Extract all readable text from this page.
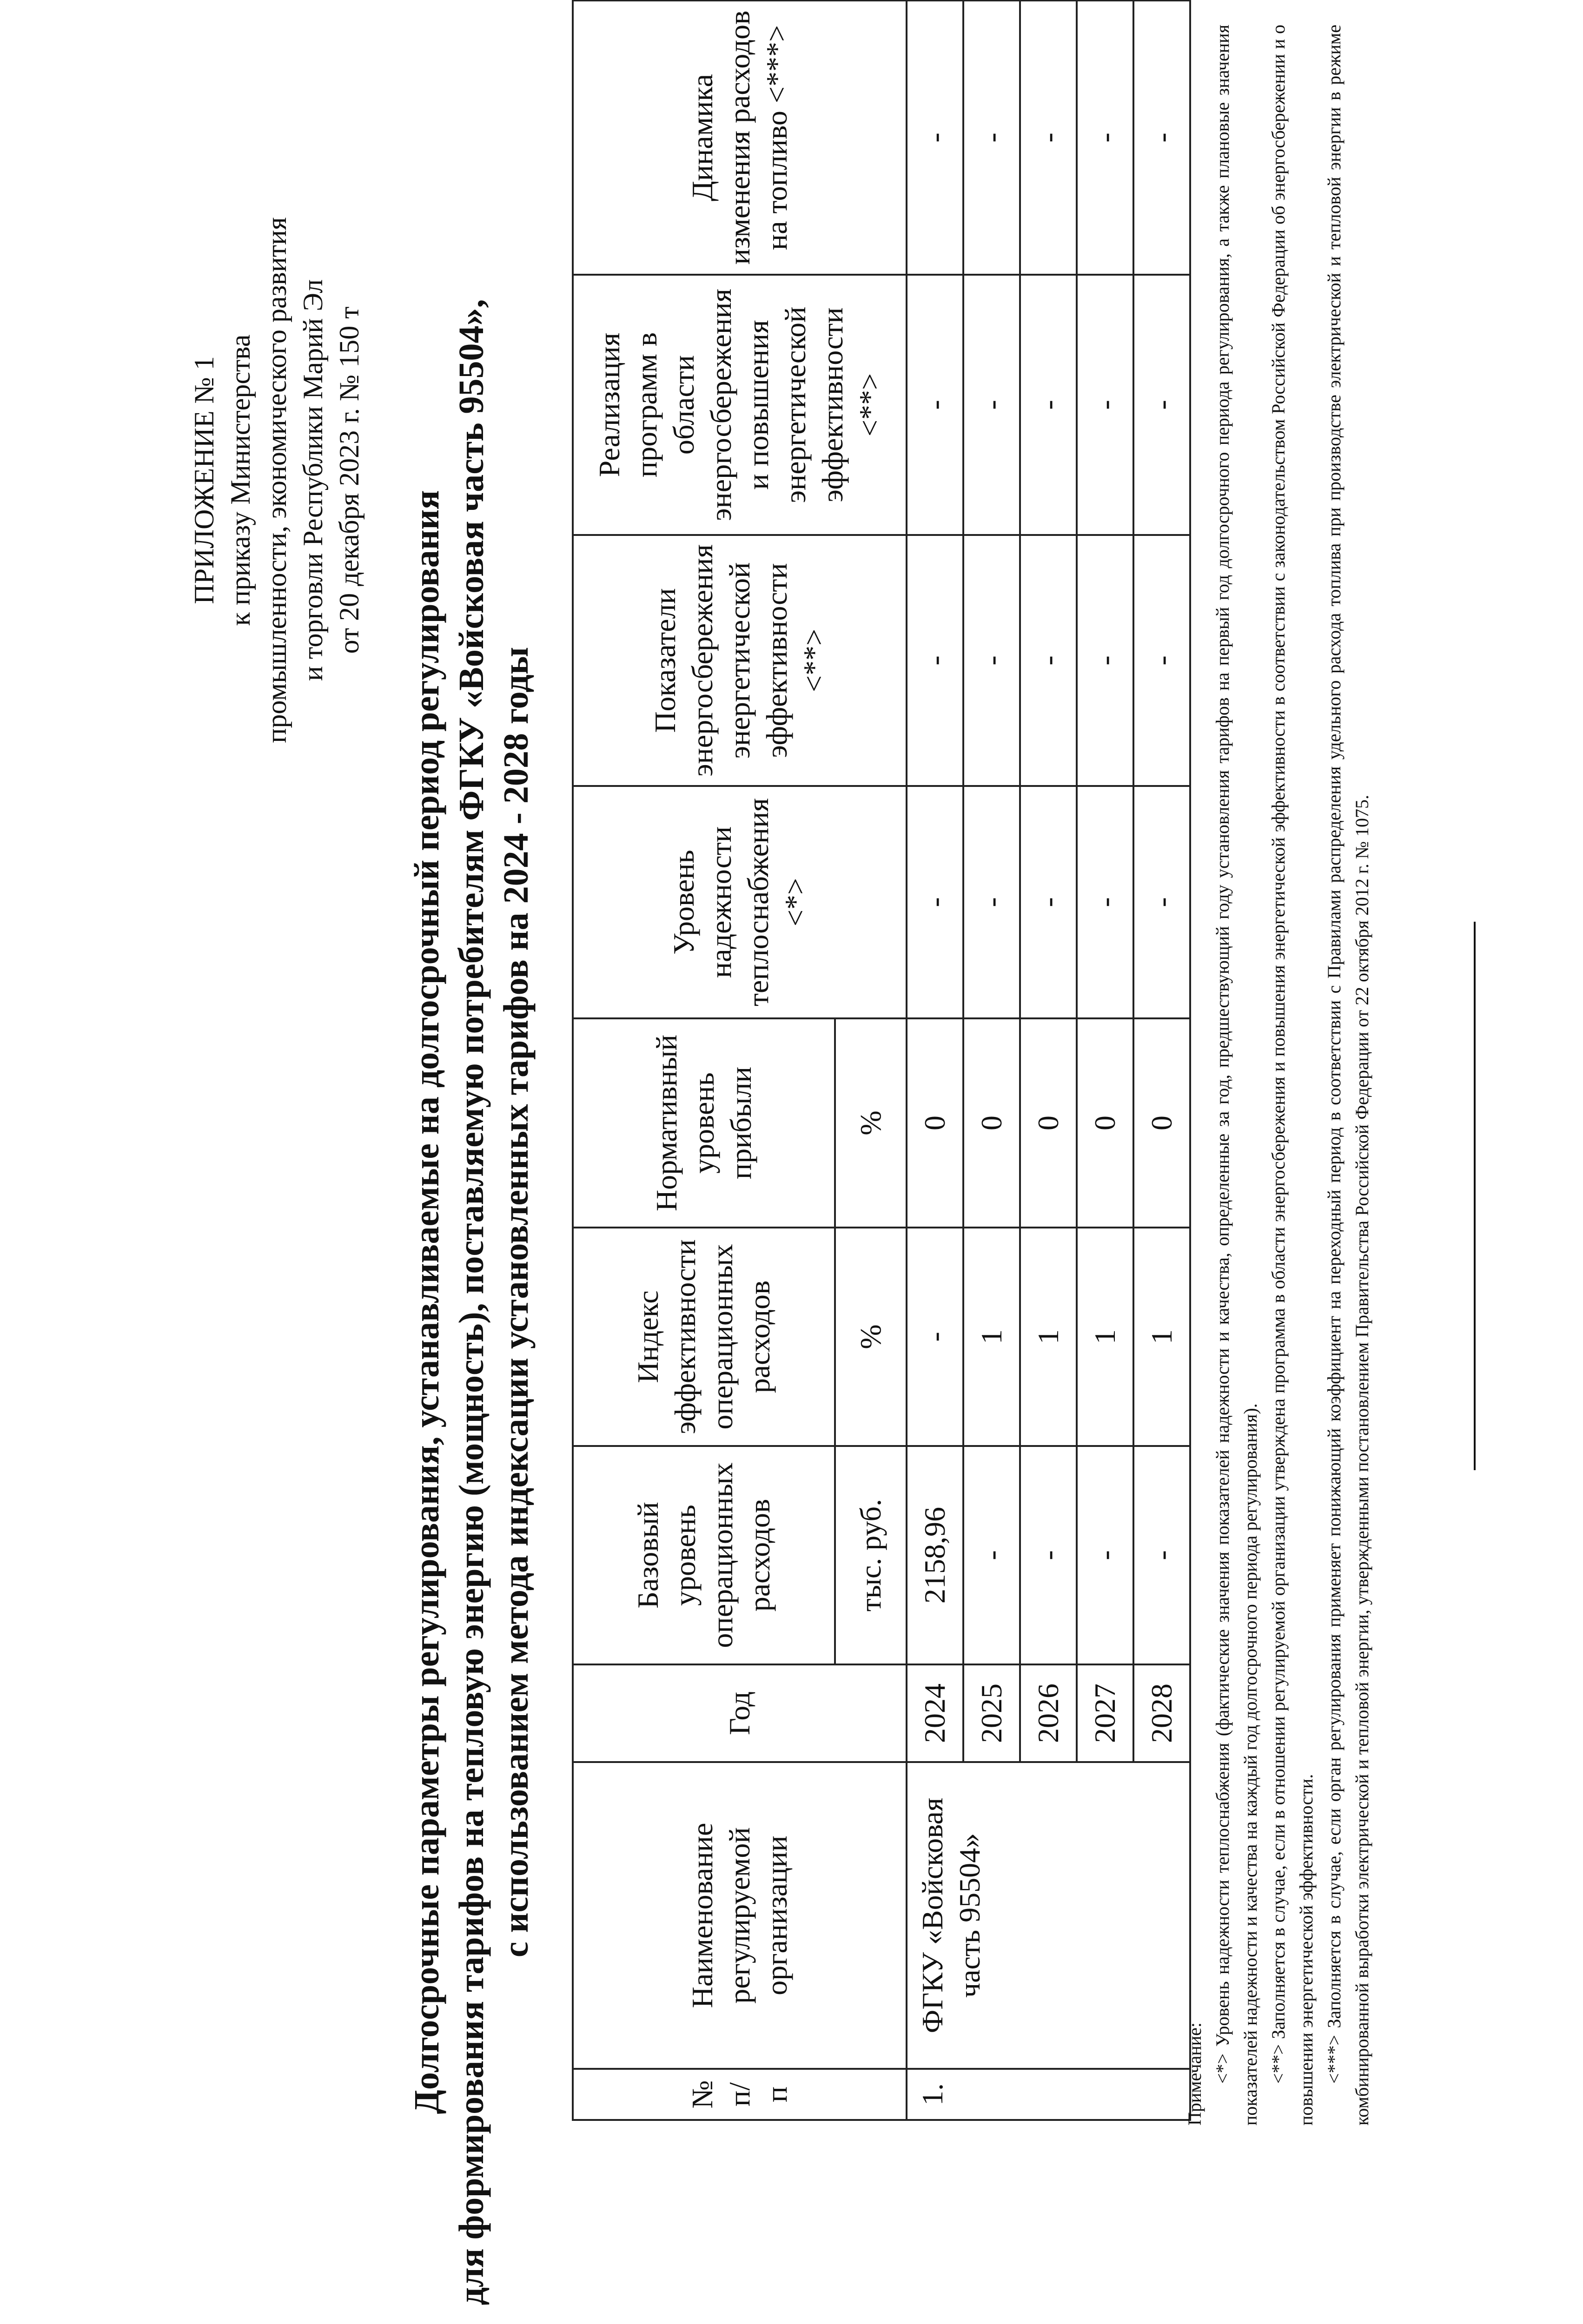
ПРИЛОЖЕНИЕ № 1 к приказу Министерства промышленности, экономического развития и торговли Республики Марий Эл от 20 декабря 2023 г. № 150 т
Долгосрочные параметры регулирования, устанавливаемые на долгосрочный период регулирования для формирования тарифов на тепловую энергию (мощность), поставляемую потребителям ФГКУ «Войсковая часть 95504», с использованием метода индексации установленных тарифов на 2024 - 2028 годы
№ п/п	Наименование регулируемой организации	Год	Базовый уровень операционных расходов	Индекс эффективности операционных расходов	Нормативный уровень прибыли	Уровень надежности теплоснабжения <*>	Показатели энергосбережения энергетической эффективности <**>	Реализация программ в области энергосбережения и повышения энергетической эффективности <**>	Динамика изменения расходов на топливо <***>
			тыс. руб.	%	%				
1.	ФГКУ «Войсковая часть 95504»	2024	2158,96	-	0	-	-	-	-
		2025	-	1	0	-	-	-	-
		2026	-	1	0	-	-	-	-
		2027	-	1	0	-	-	-	-
		2028	-	1	0	-	-	-	-

Примечание: <*> Уровень надежности теплоснабжения (фактические значения показателей надежности и качества, определенные за год, предшествующий году установления тарифов на первый год долгосрочного периода регулирования, а также плановые значения показателей надежности и качества на каждый год долгосрочного периода регулирования). <**> Заполняется в случае, если в отношении регулируемой организации утверждена программа в области энергосбережения и повышения энергетической эффективности в соответствии с законодательством Российской Федерации об энергосбережении и о повышении энергетической эффективности. <***> Заполняется в случае, если орган регулирования применяет понижающий коэффициент на переходный период в соответствии с Правилами распределения удельного расхода топлива при производстве электрической и тепловой энергии в режиме комбинированной выработки электрической и тепловой энергии, утвержденными постановлением Правительства Российской Федерации от 22 октября 2012 г. № 1075.
